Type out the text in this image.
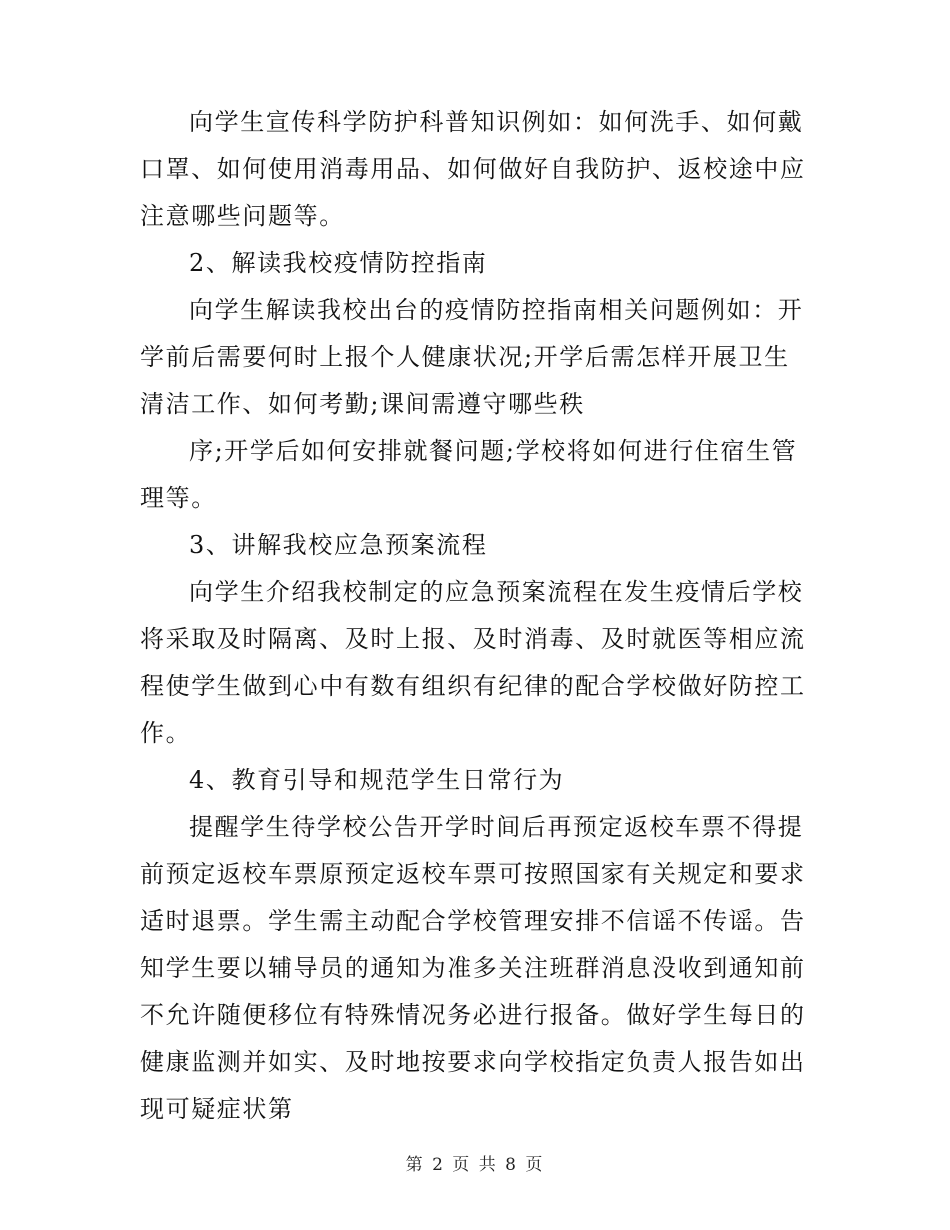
向学生宣传科学防护科普知识例如：如何洗手、如何戴口罩、如何使用消毒用品、如何做好自我防护、返校途中应注意哪些问题等。

2、解读我校疫情防控指南

向学生解读我校出台的疫情防控指南相关问题例如：开学前后需要何时上报个人健康状况;开学后需怎样开展卫生清洁工作、如何考勤;课间需遵守哪些秩

序;开学后如何安排就餐问题;学校将如何进行住宿生管理等。

3、讲解我校应急预案流程

向学生介绍我校制定的应急预案流程在发生疫情后学校将采取及时隔离、及时上报、及时消毒、及时就医等相应流程使学生做到心中有数有组织有纪律的配合学校做好防控工作。

4、教育引导和规范学生日常行为

提醒学生待学校公告开学时间后再预定返校车票不得提前预定返校车票原预定返校车票可按照国家有关规定和要求适时退票。学生需主动配合学校管理安排不信谣不传谣。告知学生要以辅导员的通知为准多关注班群消息没收到通知前不允许随便移位有特殊情况务必进行报备。做好学生每日的健康监测并如实、及时地按要求向学校指定负责人报告如出现可疑症状第

第 2 页 共 8 页
